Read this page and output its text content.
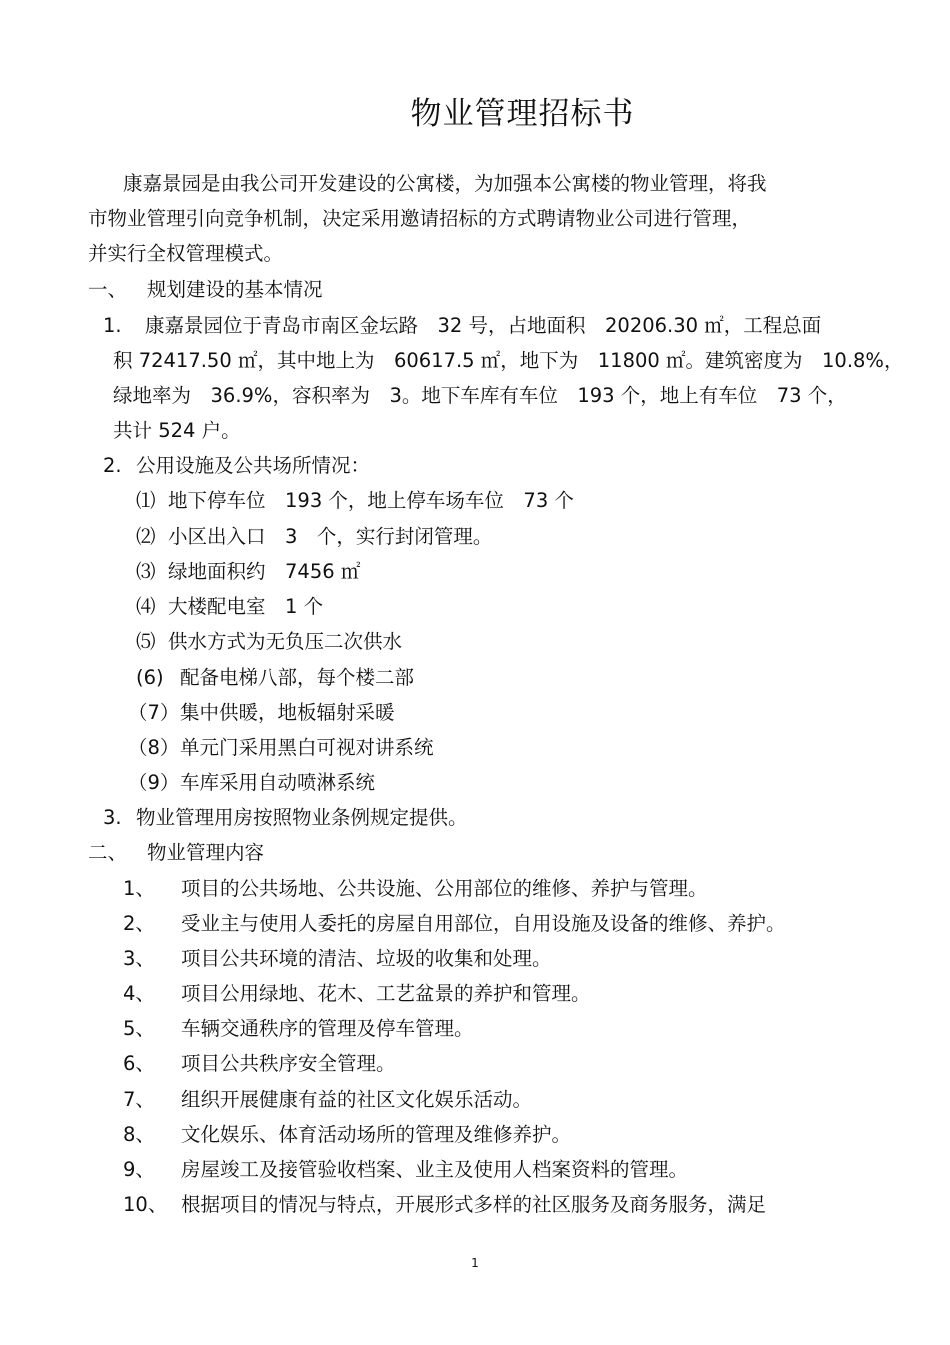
物业管理招标书
康嘉景园是由我公司开发建设的公寓楼，为加强本公寓楼的物业管理，将我
市物业管理引向竞争机制，决定采用邀请招标的方式聘请物业公司进行管理，
并实行全权管理模式。
一、 规划建设的基本情况
1. 康嘉景园位于青岛市南区金坛路　32 号，占地面积　20206.30 ㎡，工程总面
积 72417.50 ㎡，其中地上为　60617.5 ㎡，地下为　11800 ㎡。建筑密度为　10.8%，
绿地率为　36.9%，容积率为　3。地下车库有车位　193 个，地上有车位　73 个，
共计 524 户。
2. 公用设施及公共场所情况：
⑴ 地下停车位　193 个，地上停车场车位　73 个
⑵ 小区出入口　3　个，实行封闭管理。
⑶ 绿地面积约　7456 ㎡
⑷ 大楼配电室　1 个
⑸ 供水方式为无负压二次供水
(6) 配备电梯八部，每个楼二部
（7） 集中供暖，地板辐射采暖
（8） 单元门采用黑白可视对讲系统
（9） 车库采用自动喷淋系统
3. 物业管理用房按照物业条例规定提供。
二、 物业管理内容
1、 项目的公共场地、公共设施、公用部位的维修、养护与管理。
2、 受业主与使用人委托的房屋自用部位，自用设施及设备的维修、养护。
3、 项目公共环境的清洁、垃圾的收集和处理。
4、 项目公用绿地、花木、工艺盆景的养护和管理。
5、 车辆交通秩序的管理及停车管理。
6、 项目公共秩序安全管理。
7、 组织开展健康有益的社区文化娱乐活动。
8、 文化娱乐、体育活动场所的管理及维修养护。
9、 房屋竣工及接管验收档案、业主及使用人档案资料的管理。
10、 根据项目的情况与特点，开展形式多样的社区服务及商务服务，满足
1
